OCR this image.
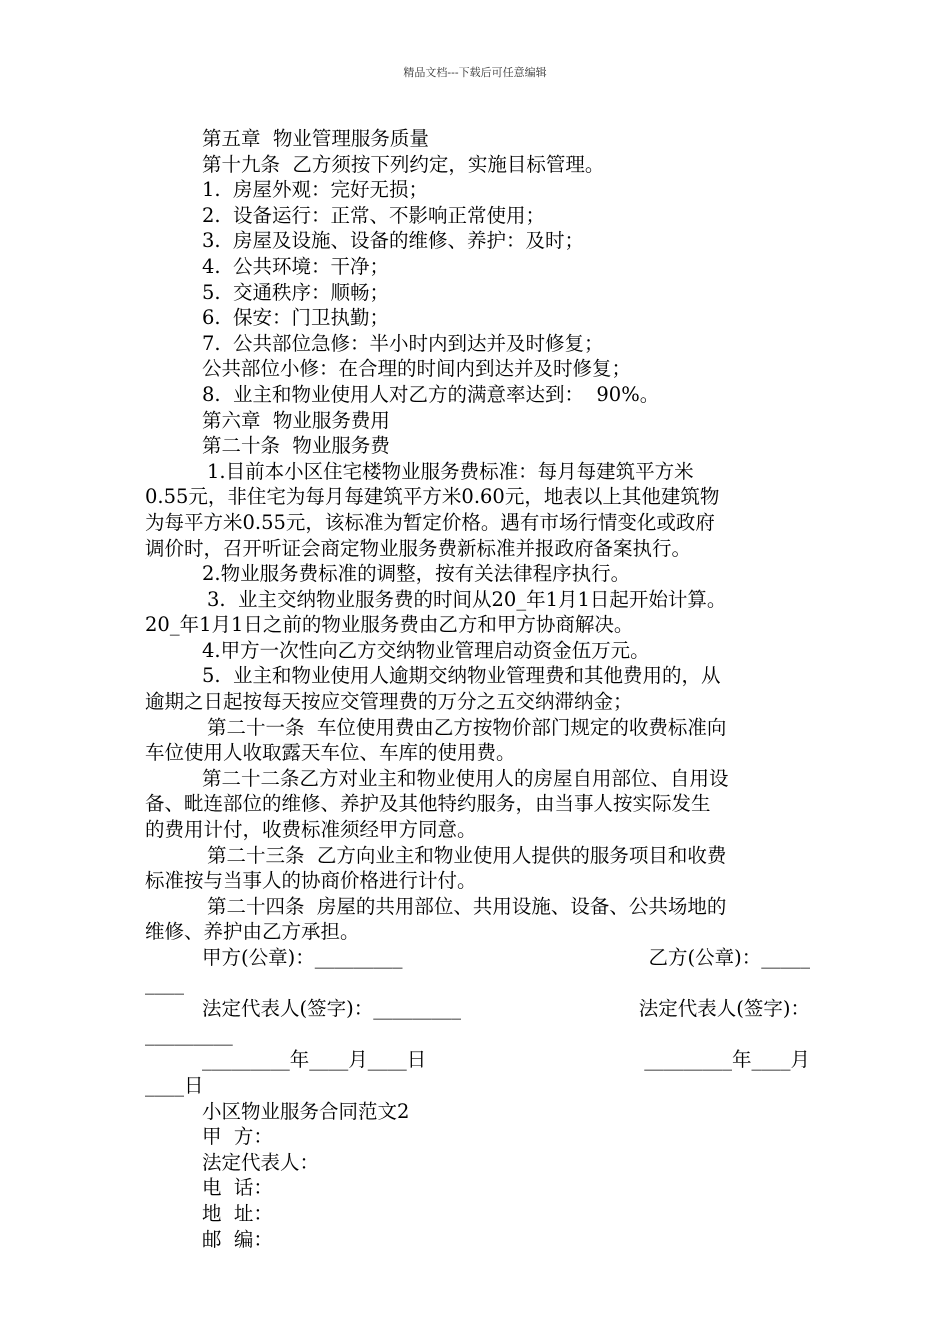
精品文档---下载后可任意编辑

第五章  物业管理服务质量

第十九条  乙方须按下列约定，实施目标管理。

1.  房屋外观：完好无损；

2.  设备运行：正常、不影响正常使用；

3.  房屋及设施、设备的维修、养护：及时；

4.  公共环境：干净；

5.  交通秩序：顺畅；

6.  保安：门卫执勤；

7.  公共部位急修：半小时内到达并及时修复；

公共部位小修：在合理的时间内到达并及时修复；

8.  业主和物业使用人对乙方的满意率达到：  90%。

第六章  物业服务费用

第二十条  物业服务费

1.目前本小区住宅楼物业服务费标准：每月每建筑平方米

0.55元，非住宅为每月每建筑平方米0.60元，地表以上其他建筑物

为每平方米0.55元，该标准为暂定价格。遇有市场行情变化或政府

调价时，召开听证会商定物业服务费新标准并报政府备案执行。

2.物业服务费标准的调整，按有关法律程序执行。

3.  业主交纳物业服务费的时间从20_年1月1日起开始计算。

20_年1月1日之前的物业服务费由乙方和甲方协商解决。

4.甲方一次性向乙方交纳物业管理启动资金伍万元。

5.  业主和物业使用人逾期交纳物业管理费和其他费用的，从

逾期之日起按每天按应交管理费的万分之五交纳滞纳金；

第二十一条  车位使用费由乙方按物价部门规定的收费标准向

车位使用人收取露天车位、车库的使用费。

第二十二条乙方对业主和物业使用人的房屋自用部位、自用设

备、毗连部位的维修、养护及其他特约服务，由当事人按实际发生

的费用计付，收费标准须经甲方同意。

第二十三条  乙方向业主和物业使用人提供的服务项目和收费

标准按与当事人的协商价格进行计付。

第二十四条  房屋的共用部位、共用设施、设备、公共场地的

维修、养护由乙方承担。

甲方(公章)：_________	乙方(公章)：_____

____

法定代表人(签字)：_________	法定代表人(签字)：

_________

_________年____月____日	_________年____月

____日

小区物业服务合同范文2

甲  方：

法定代表人：

电  话：

地  址：

邮  编：
